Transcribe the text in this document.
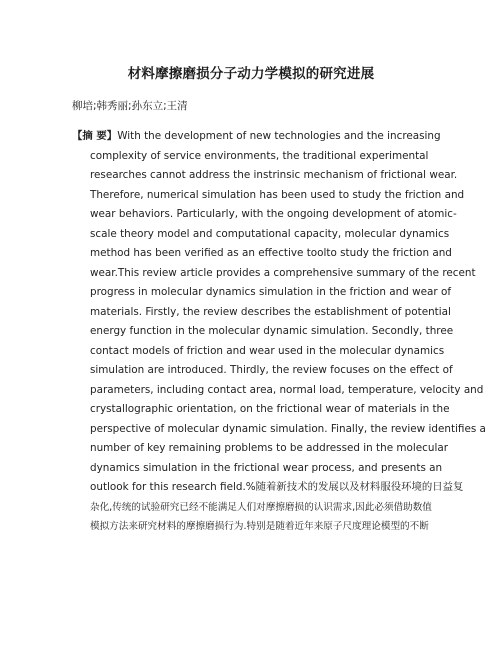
材料摩擦磨损分子动力学模拟的研究进展
柳培;韩秀丽;孙东立;王清
【摘 要】With the development of new technologies and the increasing
complexity of service environments, the traditional experimental
researches cannot address the instrinsic mechanism of frictional wear.
Therefore, numerical simulation has been used to study the friction and
wear behaviors. Particularly, with the ongoing development of atomic-
scale theory model and computational capacity, molecular dynamics
method has been verified as an effective toolto study the friction and
wear.This review article provides a comprehensive summary of the recent
progress in molecular dynamics simulation in the friction and wear of
materials. Firstly, the review describes the establishment of potential
energy function in the molecular dynamic simulation. Secondly, three
contact models of friction and wear used in the molecular dynamics
simulation are introduced. Thirdly, the review focuses on the effect of
parameters, including contact area, normal load, temperature, velocity and
crystallographic orientation, on the frictional wear of materials in the
perspective of molecular dynamic simulation. Finally, the review identifies a
number of key remaining problems to be addressed in the molecular
dynamics simulation in the frictional wear process, and presents an
outlook for this research field.%随着新技术的发展以及材料服役环境的日益复
杂化,传统的试验研究已经不能满足人们对摩擦磨损的认识需求,因此必须借助数值
模拟方法来研究材料的摩擦磨损行为.特别是随着近年来原子尺度理论模型的不断
